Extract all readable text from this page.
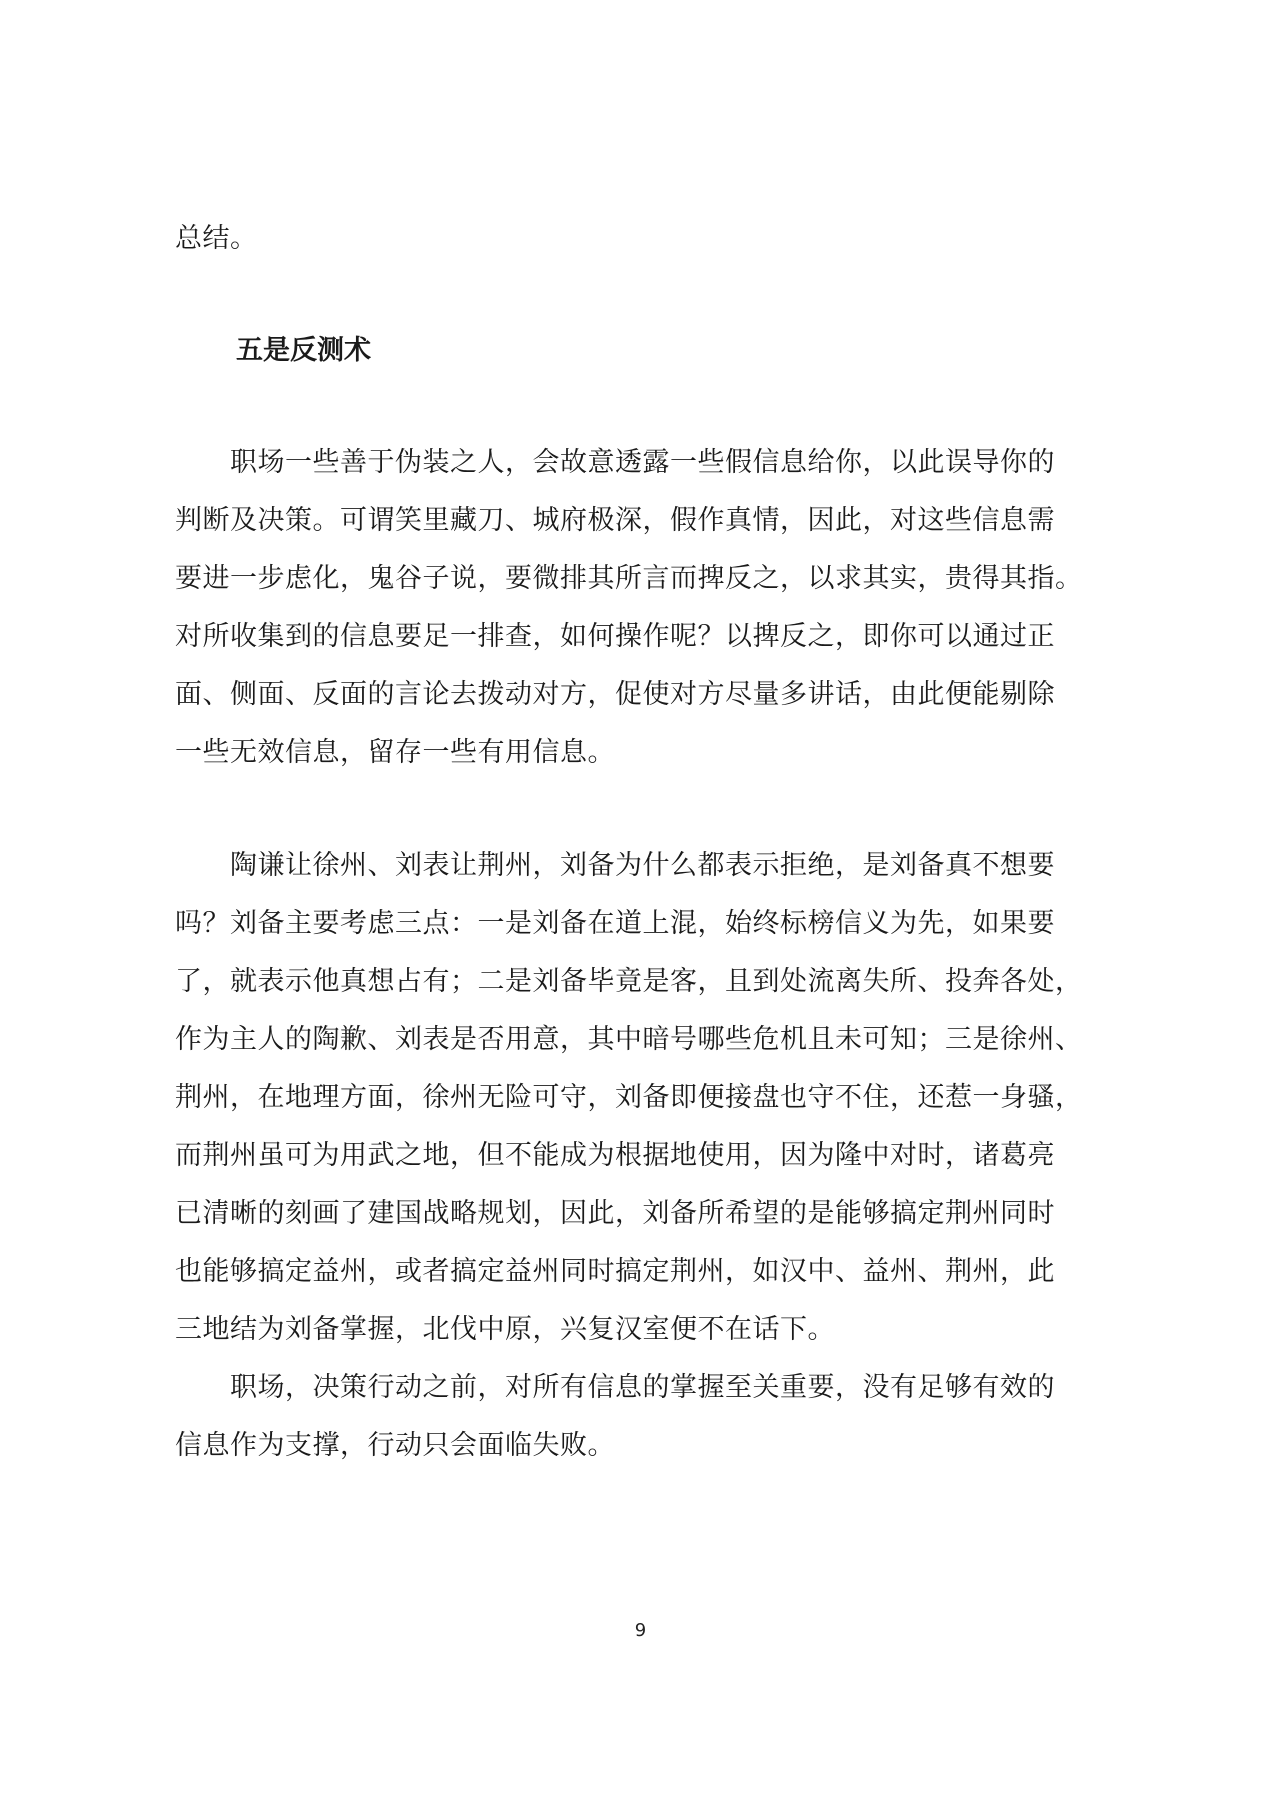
总结。
五是反测术
　　职场一些善于伪装之人，会故意透露一些假信息给你，以此误导你的
判断及决策。可谓笑里藏刀、城府极深，假作真情，因此，对这些信息需
要进一步虑化，鬼谷子说，要微排其所言而捭反之，以求其实，贵得其指。
对所收集到的信息要足一排查，如何操作呢？以捭反之，即你可以通过正
面、侧面、反面的言论去拨动对方，促使对方尽量多讲话，由此便能剔除
一些无效信息，留存一些有用信息。
　　陶谦让徐州、刘表让荆州，刘备为什么都表示拒绝，是刘备真不想要
吗？刘备主要考虑三点：一是刘备在道上混，始终标榜信义为先，如果要
了，就表示他真想占有；二是刘备毕竟是客，且到处流离失所、投奔各处，
作为主人的陶歉、刘表是否用意，其中暗号哪些危机且未可知；三是徐州、
荆州，在地理方面，徐州无险可守，刘备即便接盘也守不住，还惹一身骚，
而荆州虽可为用武之地，但不能成为根据地使用，因为隆中对时，诸葛亮
已清晰的刻画了建国战略规划，因此，刘备所希望的是能够搞定荆州同时
也能够搞定益州，或者搞定益州同时搞定荆州，如汉中、益州、荆州，此
三地结为刘备掌握，北伐中原，兴复汉室便不在话下。
　　职场，决策行动之前，对所有信息的掌握至关重要，没有足够有效的
信息作为支撑，行动只会面临失败。
9
